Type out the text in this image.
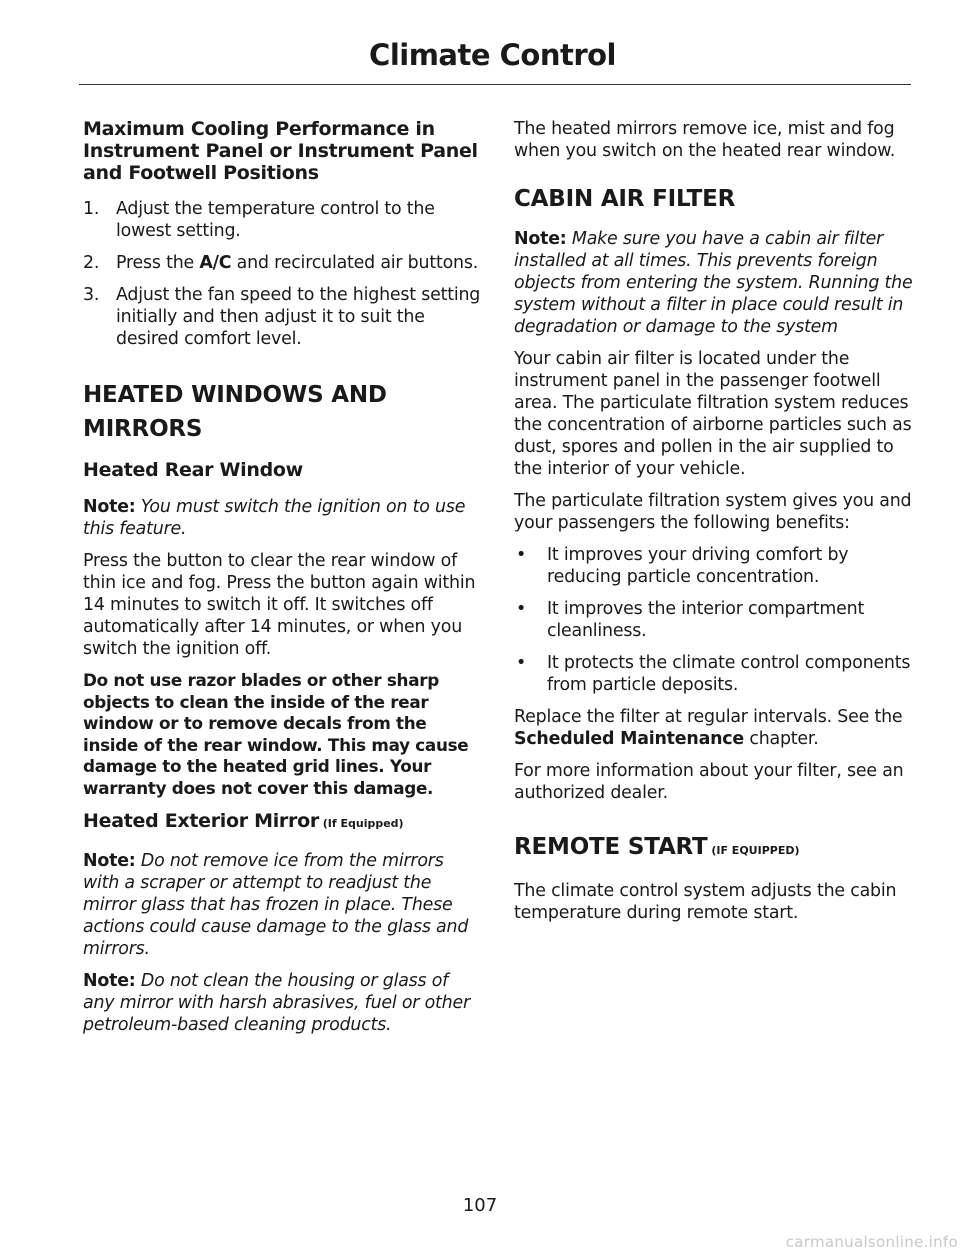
Climate Control
Maximum Cooling Performance in Instrument Panel or Instrument Panel and Footwell Positions
1. Adjust the temperature control to the lowest setting.
2. Press the A/C and recirculated air buttons.
3. Adjust the fan speed to the highest setting initially and then adjust it to suit the desired comfort level.
HEATED WINDOWS AND MIRRORS
Heated Rear Window

Note: You must switch the ignition on to use this feature.

Press the button to clear the rear window of thin ice and fog. Press the button again within 14 minutes to switch it off. It switches off automatically after 14 minutes, or when you switch the ignition off.

Do not use razor blades or other sharp objects to clean the inside of the rear window or to remove decals from the inside of the rear window. This may cause damage to the heated grid lines. Your warranty does not cover this damage.

Heated Exterior Mirror (If Equipped)

Note: Do not remove ice from the mirrors with a scraper or attempt to readjust the mirror glass that has frozen in place. These actions could cause damage to the glass and mirrors.

Note: Do not clean the housing or glass of any mirror with harsh abrasives, fuel or other petroleum-based cleaning products.

The heated mirrors remove ice, mist and fog when you switch on the heated rear window.

CABIN AIR FILTER

Note: Make sure you have a cabin air filter installed at all times. This prevents foreign objects from entering the system. Running the system without a filter in place could result in degradation or damage to the system

Your cabin air filter is located under the instrument panel in the passenger footwell area. The particulate filtration system reduces the concentration of airborne particles such as dust, spores and pollen in the air supplied to the interior of your vehicle.

The particulate filtration system gives you and your passengers the following benefits:

• It improves your driving comfort by reducing particle concentration.
• It improves the interior compartment cleanliness.
• It protects the climate control components from particle deposits.

Replace the filter at regular intervals. See the Scheduled Maintenance chapter.

For more information about your filter, see an authorized dealer.

REMOTE START (IF EQUIPPED)

The climate control system adjusts the cabin temperature during remote start.

107
carmanualsonline.info
